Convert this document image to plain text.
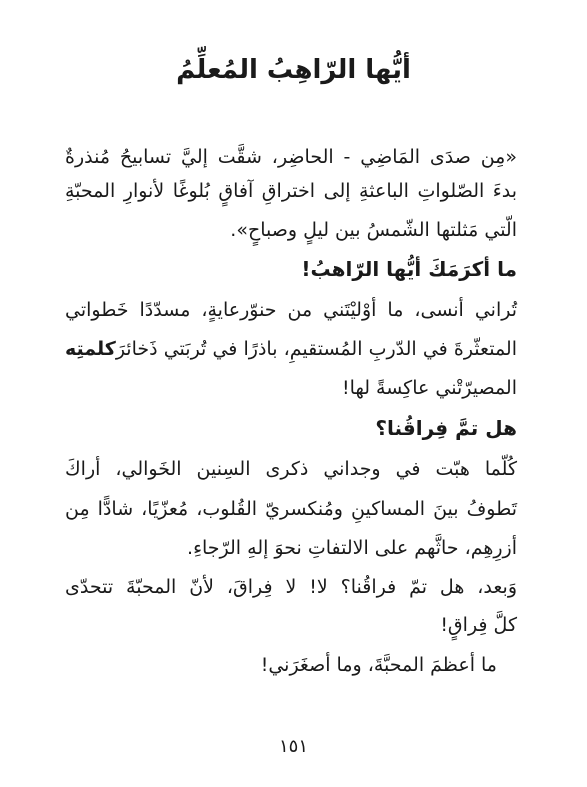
أيُّها الرّاهِبُ المُعلِّمُ
«مِن صدَى المَاضِي - الحاضِر، شقَّت إليَّ تسابيحُ مُنذرةٌ
بدءَ الصّلواتِ الباعثةِ إلى اختراقِ آفاقٍ بُلوغًا لأنوارِ المحبّةِ
الّتي مَثلتها الشّمسُ بين ليلٍ وصباحٍ».
ما أكرَمَكَ أيُّها الرّاهبُ!
تُراني أنسى، ما أوْليْتَني من حنوّرعايةٍ، مسدّدًا خَطواتي
المتعثّرةَ في الدّربِ المُستقيمِ، باذرًا في تُربَتي ذَخائرَكلمتِه
المصيرّتْني عاكِسةً لها!
هل تمَّ فِراقُنا؟
كُلّما هبّت في وجداني ذكرى السِنين الخَوالي، أراكَ
تَطوفُ بينَ المساكينِ ومُنكسريّ القُلوب، مُعزّيًا، شادًّا مِن
أزرِهِم، حاثَّهم على الالتفاتِ نحوَ إلهِ الرّجاءِ.
وَبعد، هل تمّ فراقُنا؟ لا! لا فِراقَ، لأنّ المحبّةَ تتحدّى
كلَّ فِراقٍ!
ما أعظمَ المحبَّةَ، وما أصغَرَني!
١٥١
